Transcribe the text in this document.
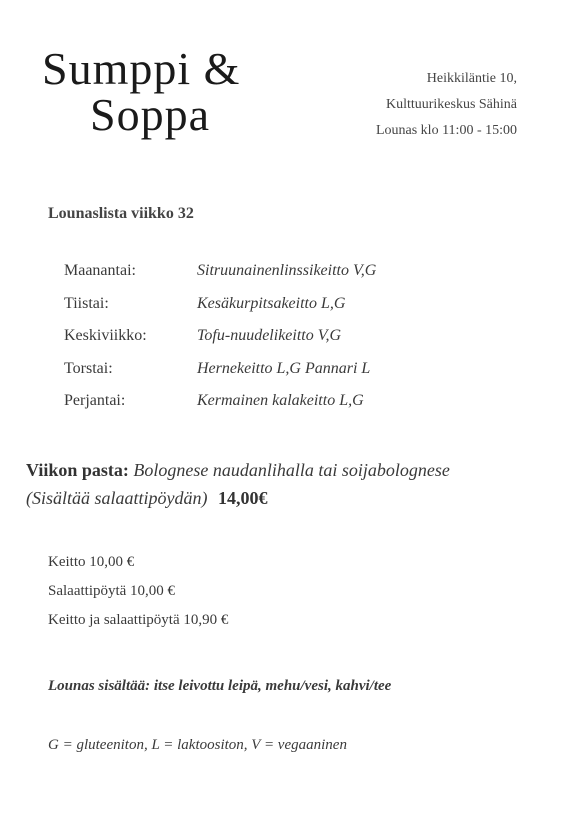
Sumppi &
Soppa
Heikkiläntie 10,
Kulttuurikeskus Sähinä
Lounas klo 11:00 - 15:00
Lounaslista viikko 32
Maanantai:	Sitruunainenlinssikeitto V,G
Tiistai:	Kesäkurpitsakeitto L,G
Keskiviikko:	Tofu-nuudelikeitto V,G
Torstai:	Hernekeitto L,G Pannari L
Perjantai:	Kermainen kalakeitto L,G
Viikon pasta: Bolognese naudanlihalla tai soijabolognese (Sisältää salaattipöydän) 14,00€
Keitto 10,00 €
Salaattipöytä 10,00 €
Keitto ja salaattipöytä 10,90 €
Lounas sisältää: itse leivottu leipä, mehu/vesi, kahvi/tee
G = gluteeniton, L = laktoositon, V = vegaaninen
